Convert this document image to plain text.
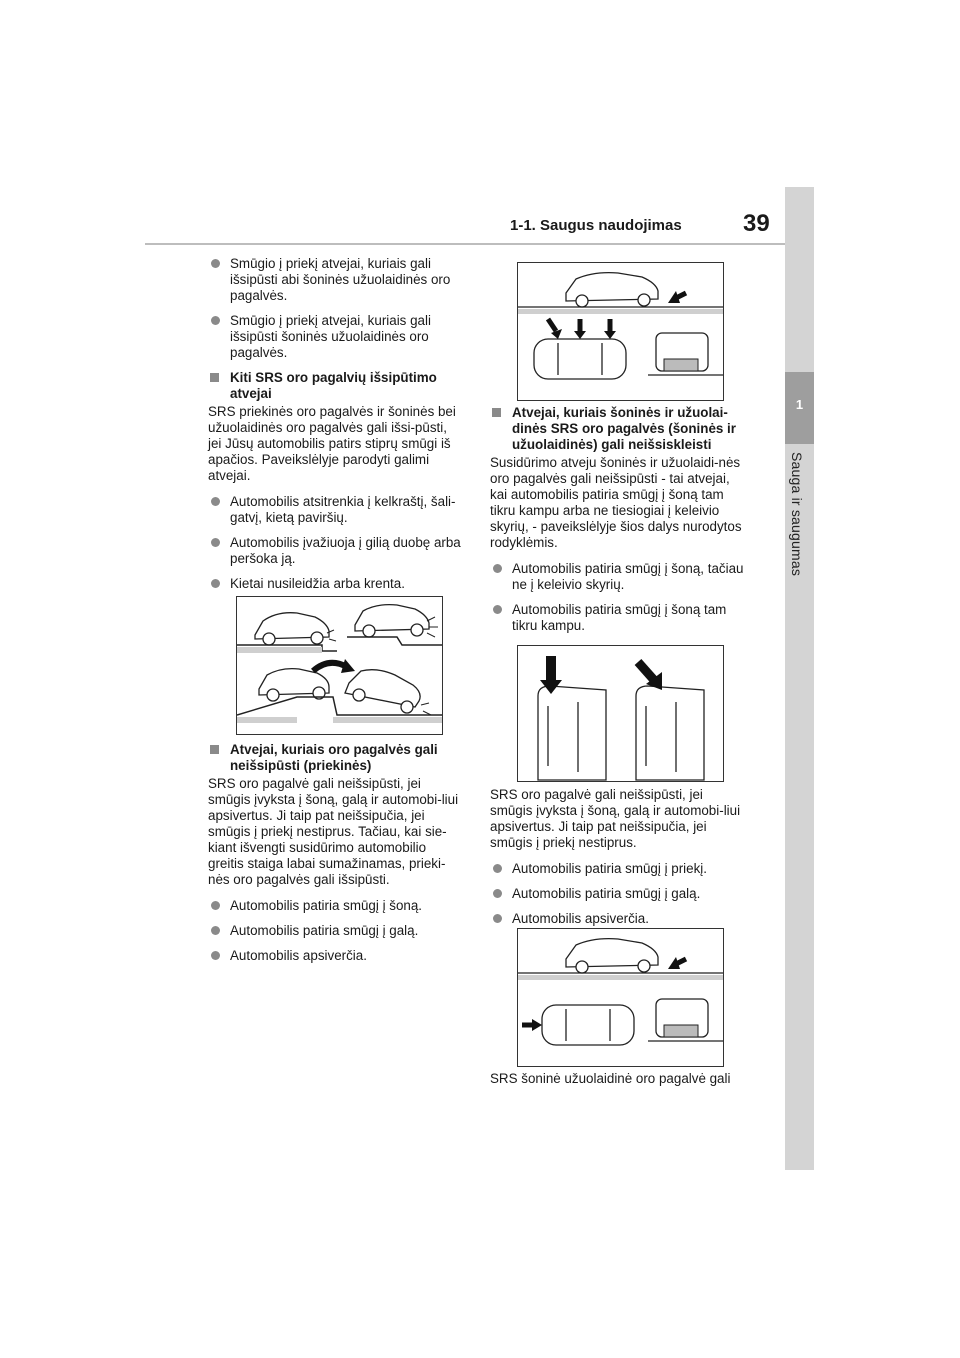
1-1. Saugus naudojimas	39
1
Sauga ir saugumas
Smūgio į priekį atvejai, kuriais gali išsipūsti abi šoninės užuolaidinės oro pagalvės.
Smūgio į priekį atvejai, kuriais gali išsipūsti šoninės užuolaidinės oro pagalvės.
Kiti SRS oro pagalvių išsipūtimo atvejai
SRS priekinės oro pagalvės ir šoninės bei užuolaidinės oro pagalvės gali išsi-pūsti, jei Jūsų automobilis patirs stiprų smūgi iš apačios. Paveikslėlyje parodyti galimi atvejai.
Automobilis atsitrenkia į kelkraštį, šali-gatvį, kietą paviršių.
Automobilis įvažiuoja į gilią duobę arba peršoka ją.
Kietai nusileidžia arba krenta.
Atvejai, kuriais oro pagalvės gali neišsipūsti (priekinės)
SRS oro pagalvė gali neišsipūsti, jei smūgis įvyksta į šoną, galą ir automobi-liui apsivertus. Ji taip pat neišsipučia, jei smūgis į priekį nestiprus. Tačiau, kai sie-kiant išvengti susidūrimo automobilio greitis staiga labai sumažinamas, prieki-nės oro pagalvės gali išsipūsti.
Automobilis patiria smūgį į šoną.
Automobilis patiria smūgį į galą.
Automobilis apsiverčia.
Atvejai, kuriais šoninės ir užuolai-dinės SRS oro pagalvės (šoninės ir užuolaidinės) gali neišsiskleisti
Susidūrimo atveju šoninės ir užuolaidi-nės oro pagalvės gali neišsipūsti - tai atvejai, kai automobilis patiria smūgį į šoną tam tikru kampu arba ne tiesiogiai į keleivio skyrių, - paveikslėlyje šios dalys nurodytos rodyklėmis.
Automobilis patiria smūgį į šoną, tačiau ne į keleivio skyrių.
Automobilis patiria smūgį į šoną tam tikru kampu.
SRS oro pagalvė gali neišsipūsti, jei smūgis įvyksta į šoną, galą ir automobi-liui apsivertus. Ji taip pat neišsipučia, jei smūgis į priekį nestiprus.
Automobilis patiria smūgį į priekį.
Automobilis patiria smūgį į galą.
Automobilis apsiverčia.
SRS šoninė užuolaidinė oro pagalvė gali
